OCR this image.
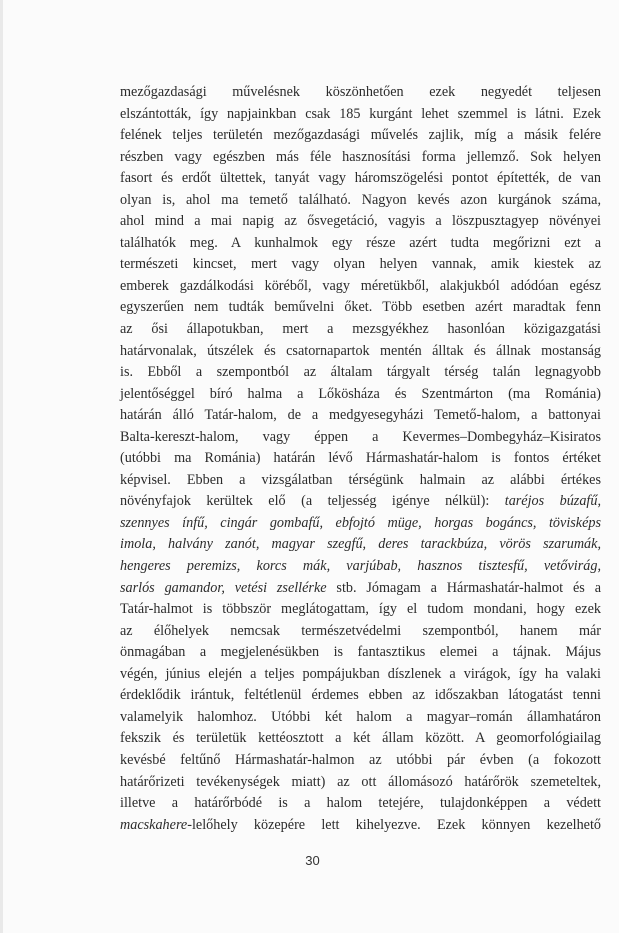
mezőgazdasági művelésnek köszönhetően ezek negyedét teljesen
elszántották, így napjainkban csak 185 kurgánt lehet szemmel is látni. Ezek
felének teljes területén mezőgazdasági művelés zajlik, míg a másik felére
részben vagy egészben más féle hasznosítási forma jellemző. Sok helyen
fasort és erdőt ültettek, tanyát vagy háromszögelési pontot építették, de van
olyan is, ahol ma temető található. Nagyon kevés azon kurgánok száma,
ahol mind a mai napig az ősvegetáció, vagyis a löszpusztagyep növényei
találhatók meg. A kunhalmok egy része azért tudta megőrizni ezt a
természeti kincset, mert vagy olyan helyen vannak, amik kiestek az
emberek gazdálkodási köréből, vagy méretükből, alakjukból adódóan egész
egyszerűen nem tudták beművelni őket. Több esetben azért maradtak fenn
az ősi állapotukban, mert a mezsgyékhez hasonlóan közigazgatási
határvonalak, útszélek és csatornapartok mentén álltak és állnak mostanság
is. Ebből a szempontból az általam tárgyalt térség talán legnagyobb
jelentőséggel bíró halma a Lőkösháza és Szentmárton (ma Románia)
határán álló Tatár-halom, de a medgyesegyházi Temető-halom, a battonyai
Balta-kereszt-halom, vagy éppen a Kevermes–Dombegyház–Kisiratos
(utóbbi ma Románia) határán lévő Hármashatár-halom is fontos értéket
képvisel. Ebben a vizsgálatban térségünk halmain az alábbi értékes
növényfajok kerültek elő (a teljesség igénye nélkül): taréjos búzafű,
szennyes ínfű, cingár gombafű, ebfojtó müge, horgas bogáncs, tövisképs
imola, halvány zanót, magyar szegfű, deres tarackbúza, vörös szarumák,
hengeres peremizs, korcs mák, varjúbab, hasznos tisztesfű, vetővirág,
sarlós gamandor, vetési zsellérke stb. Jómagam a Hármashatár-halmot és a
Tatár-halmot is többször meglátogattam, így el tudom mondani, hogy ezek
az élőhelyek nemcsak természetvédelmi szempontból, hanem már
önmagában a megjelenésükben is fantasztikus elemei a tájnak. Május
végén, június elején a teljes pompájukban díszlenek a virágok, így ha valaki
érdeklődik irántuk, feltétlenül érdemes ebben az időszakban látogatást tenni
valamelyik halomhoz. Utóbbi két halom a magyar–román államhatáron
fekszik és területük kettéosztott a két állam között. A geomorfológiailag
kevésbé feltűnő Hármashatár-halmon az utóbbi pár évben (a fokozott
határőrizeti tevékenységek miatt) az ott állomásozó határőrök szemeteltek,
illetve a határőrbódé is a halom tetejére, tulajdonképpen a védett
macskahere-lelőhely közepére lett kihelyezve. Ezek könnyen kezelhető
30
